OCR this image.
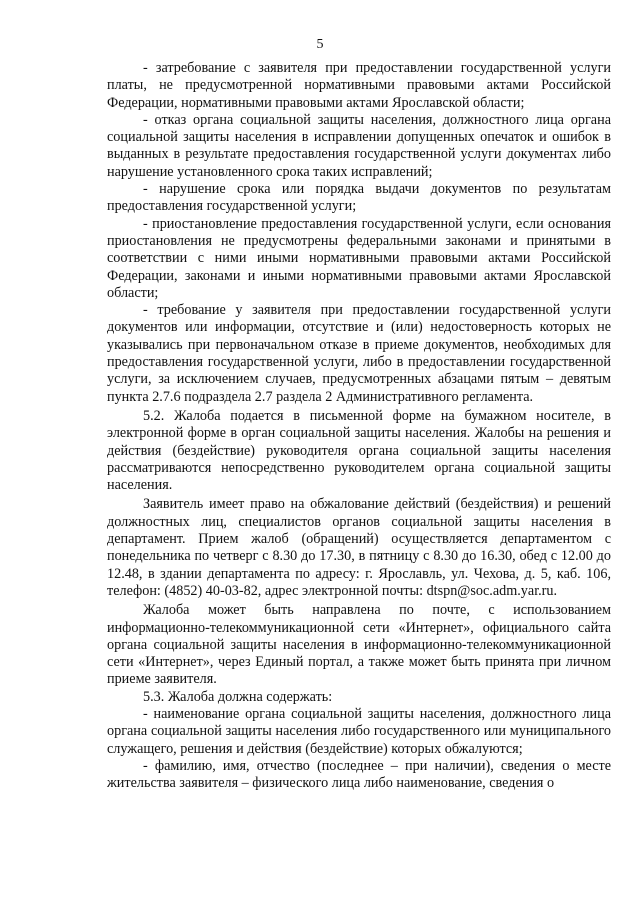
5

- затребование с заявителя при предоставлении государственной услуги платы, не предусмотренной нормативными правовыми актами Российской Федерации, нормативными правовыми актами Ярославской области;

- отказ органа социальной защиты населения, должностного лица органа социальной защиты населения в исправлении допущенных опечаток и ошибок в выданных в результате предоставления государственной услуги документах либо нарушение установленного срока таких исправлений;

- нарушение срока или порядка выдачи документов по результатам предоставления государственной услуги;

- приостановление предоставления государственной услуги, если основания приостановления не предусмотрены федеральными законами и принятыми в соответствии с ними иными нормативными правовыми актами Российской Федерации, законами и иными нормативными правовыми актами Ярославской области;

- требование у заявителя при предоставлении государственной услуги документов или информации, отсутствие и (или) недостоверность которых не указывались при первоначальном отказе в приеме документов, необходимых для предоставления государственной услуги, либо в предоставлении государственной услуги, за исключением случаев, предусмотренных абзацами пятым – девятым пункта 2.7.6 подраздела 2.7 раздела 2 Административного регламента.

5.2. Жалоба подается в письменной форме на бумажном носителе, в электронной форме в орган социальной защиты населения. Жалобы на решения и действия (бездействие) руководителя органа социальной защиты населения рассматриваются непосредственно руководителем органа социальной защиты населения.

Заявитель имеет право на обжалование действий (бездействия) и решений должностных лиц, специалистов органов социальной защиты населения в департамент. Прием жалоб (обращений) осуществляется департаментом с понедельника по четверг с 8.30 до 17.30, в пятницу с 8.30 до 16.30, обед с 12.00 до 12.48, в здании департамента по адресу: г. Ярославль, ул. Чехова, д. 5, каб. 106, телефон: (4852) 40-03-82, адрес электронной почты: dtspn@soc.adm.yar.ru.

Жалоба может быть направлена по почте, с использованием информационно-телекоммуникационной сети «Интернет», официального сайта органа социальной защиты населения в информационно-телекоммуникационной сети «Интернет», через Единый портал, а также может быть принята при личном приеме заявителя.

5.3. Жалоба должна содержать:

- наименование органа социальной защиты населения, должностного лица органа социальной защиты населения либо государственного или муниципального служащего, решения и действия (бездействие) которых обжалуются;

- фамилию, имя, отчество (последнее – при наличии), сведения о месте жительства заявителя – физического лица либо наименование, сведения о
